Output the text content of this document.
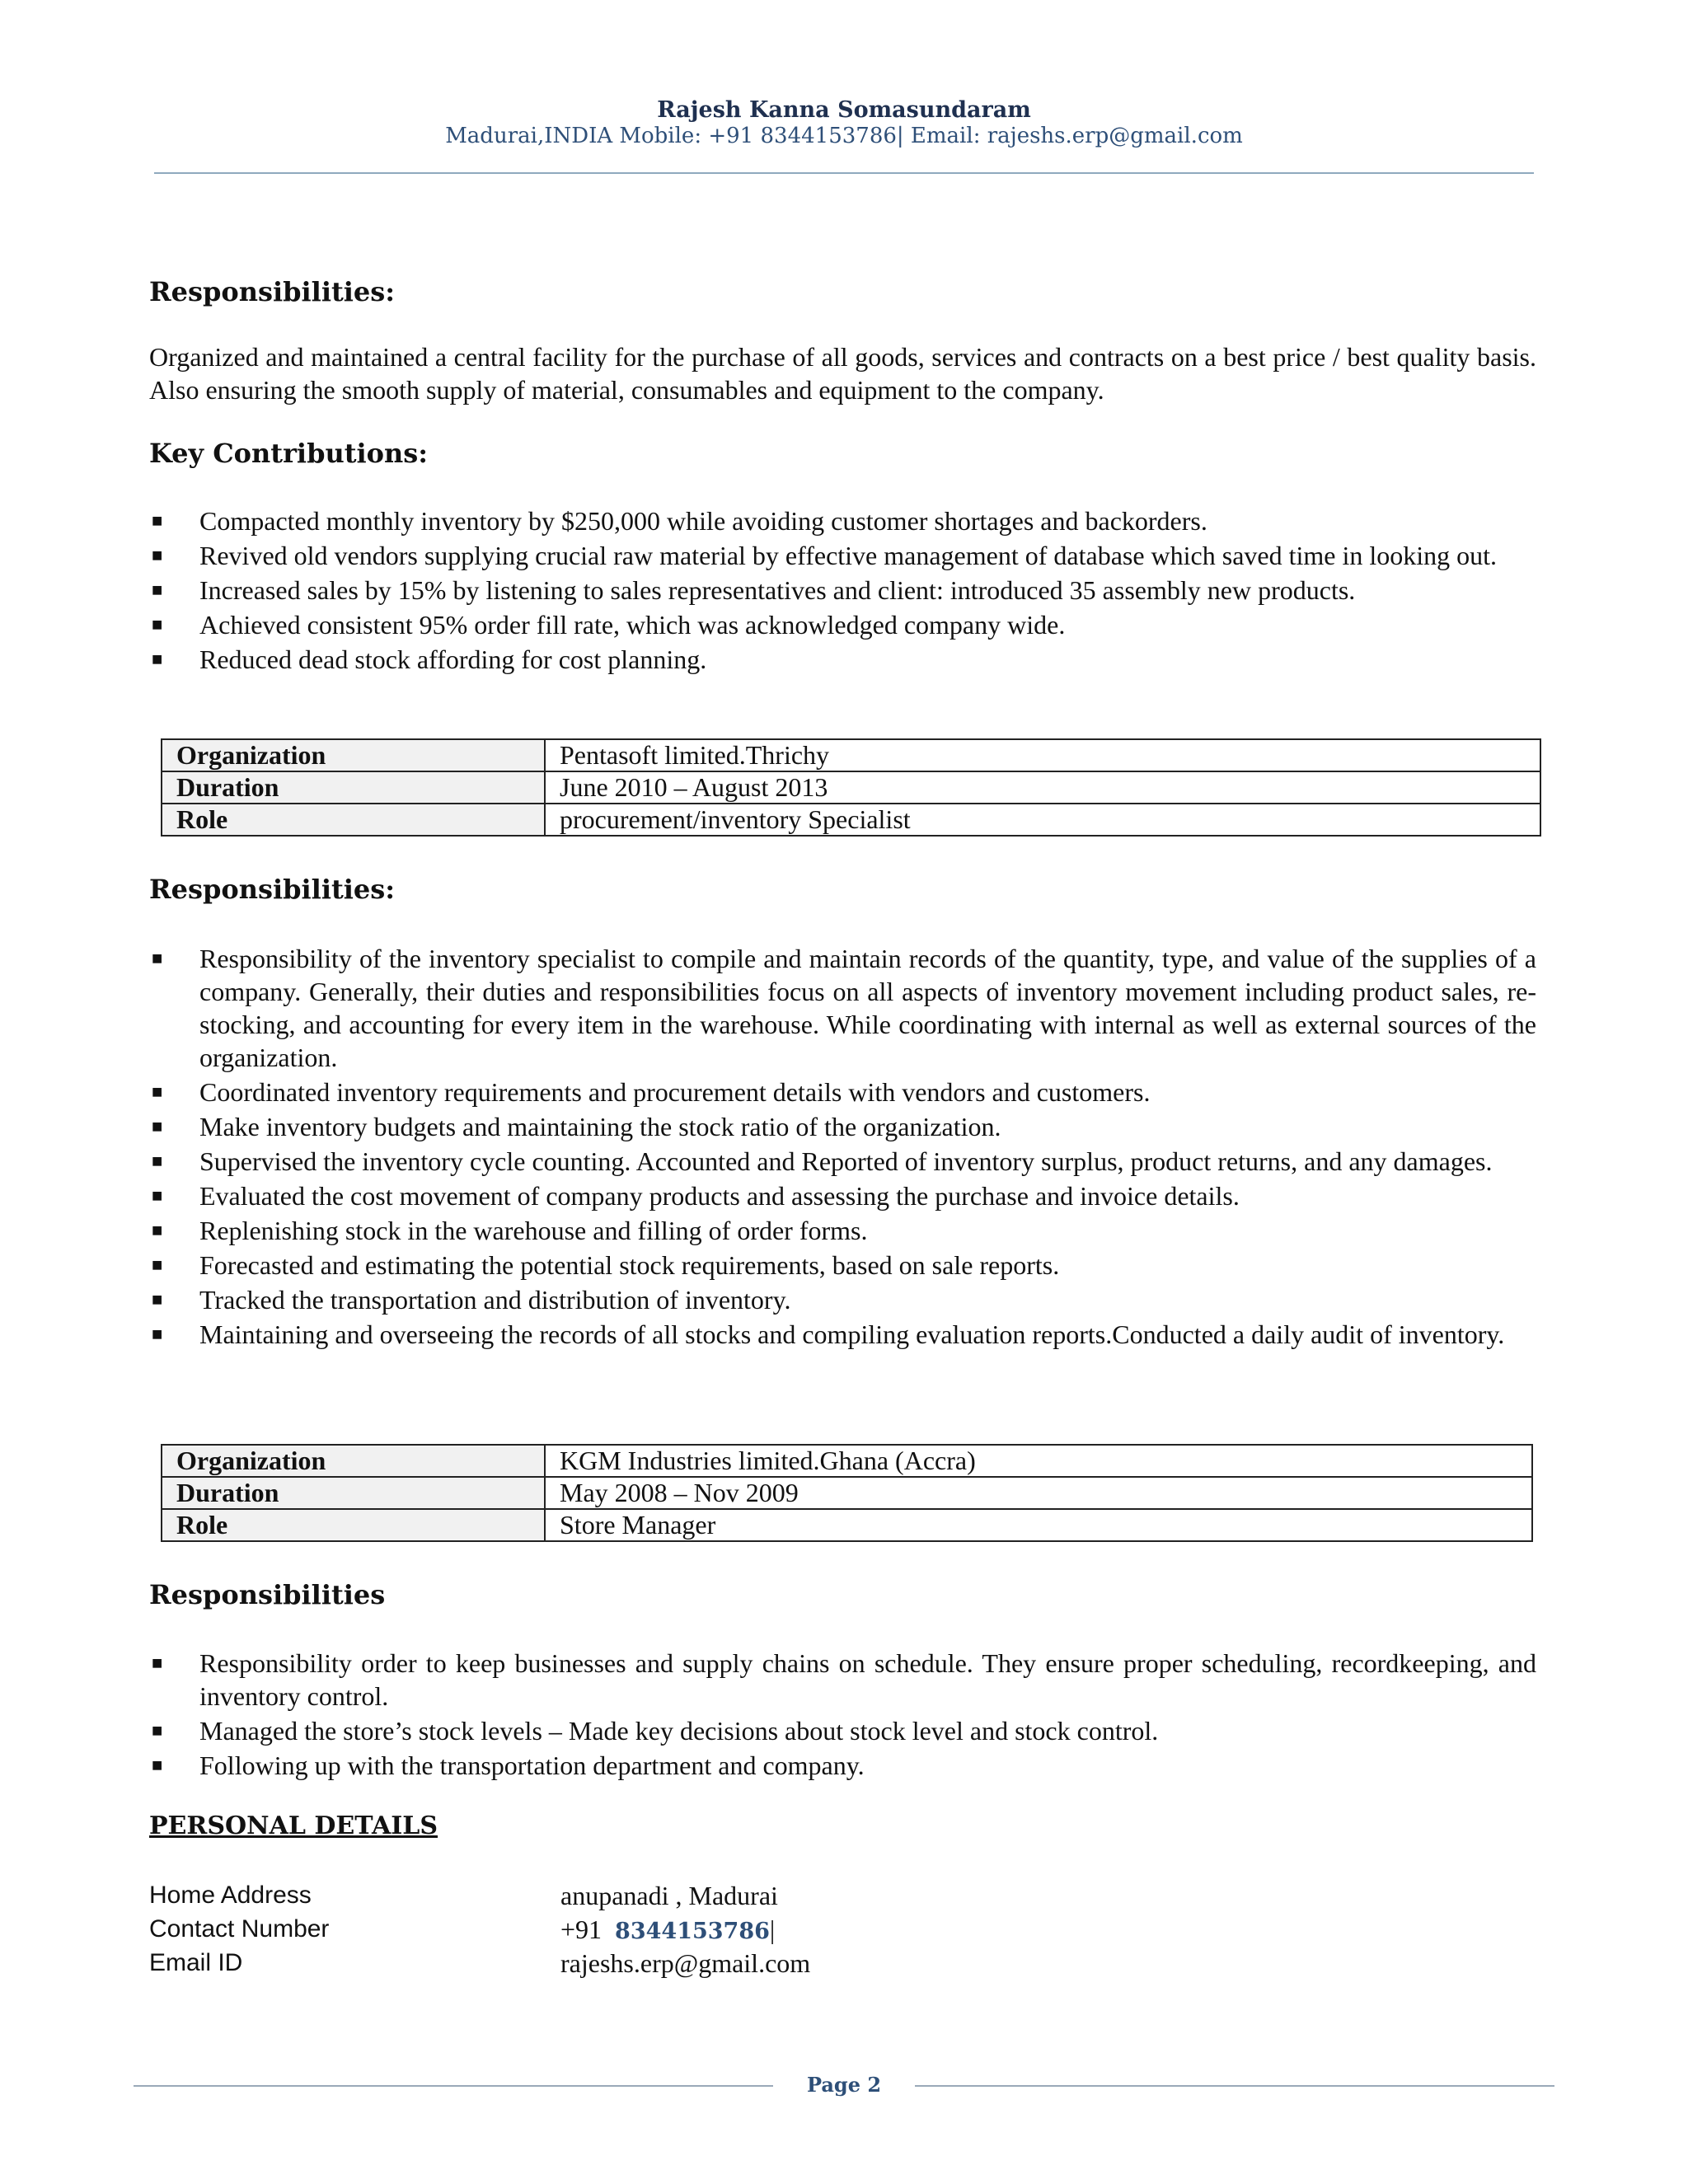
Rajesh Kanna Somasundaram
Madurai,INDIA Mobile: +91 8344153786| Email: rajeshs.erp@gmail.com
Responsibilities:
Organized and maintained a central facility for the purchase of all goods, services and contracts on a best price / best quality basis. Also ensuring the smooth supply of material, consumables and equipment to the company.
Key Contributions:
■ Compacted monthly inventory by $250,000 while avoiding customer shortages and backorders.
■ Revived old vendors supplying crucial raw material by effective management of database which saved time in looking out.
■ Increased sales by 15% by listening to sales representatives and client: introduced 35 assembly new products.
■ Achieved consistent 95% order fill rate, which was acknowledged company wide.
■ Reduced dead stock affording for cost planning.
Organization	Pentasoft limited.Thrichy
Duration	June 2010 – August 2013
Role	procurement/inventory Specialist
Responsibilities:
■ Responsibility of the inventory specialist to compile and maintain records of the quantity, type, and value of the supplies of a company. Generally, their duties and responsibilities focus on all aspects of inventory movement including product sales, re-stocking, and accounting for every item in the warehouse. While coordinating with internal as well as external sources of the organization.
■ Coordinated inventory requirements and procurement details with vendors and customers.
■ Make inventory budgets and maintaining the stock ratio of the organization.
■ Supervised the inventory cycle counting. Accounted and Reported of inventory surplus, product returns, and any damages.
■ Evaluated the cost movement of company products and assessing the purchase and invoice details.
■ Replenishing stock in the warehouse and filling of order forms.
■ Forecasted and estimating the potential stock requirements, based on sale reports.
■ Tracked the transportation and distribution of inventory.
■ Maintaining and overseeing the records of all stocks and compiling evaluation reports.Conducted a daily audit of inventory.
Organization	KGM Industries limited.Ghana (Accra)
Duration	May 2008 – Nov 2009
Role	Store Manager
Responsibilities
■ Responsibility order to keep businesses and supply chains on schedule. They ensure proper scheduling, recordkeeping, and inventory control.
■ Managed the store’s stock levels – Made key decisions about stock level and stock control.
■ Following up with the transportation department and company.
PERSONAL DETAILS
Home Address	anupanadi , Madurai
Contact Number	+91 8344153786|
Email ID	rajeshs.erp@gmail.com
Page 2
